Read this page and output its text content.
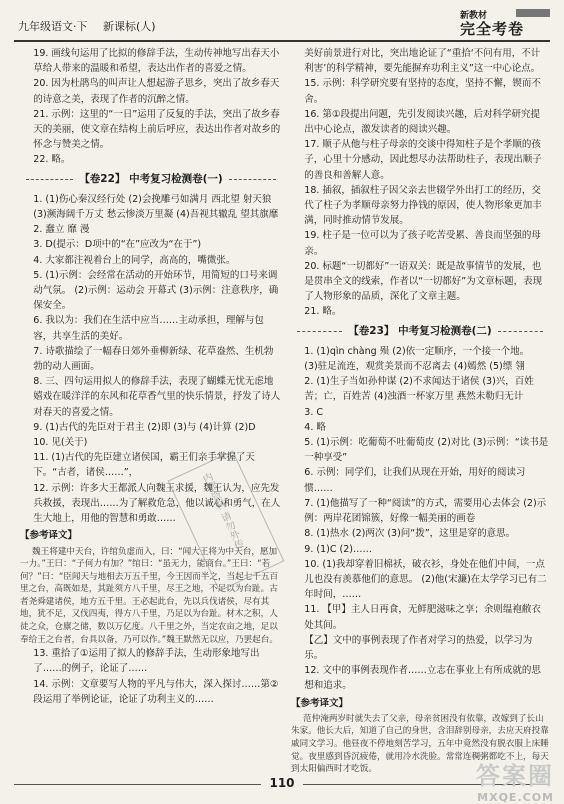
九年级语文·下 新课标(人)
新教材
完全考卷

19. 画线句运用了比拟的修辞手法，生动传神地写出春天小草给人带来的温暖和希望，表达出作者的喜爱之情。

20. 因为杜鹃鸟的叫声让人想起游子思乡，突出了故乡春天的诗意之美，表现了作者的沉醉之情。

21. 示例：这里的“一日”运用了反复的手法，突出了故乡春天的美丽，使文章在结构上前后呼应，表达出作者对故乡的怀念与赞美之情。

22. 略。

【卷22】 中考复习检测卷(一)

1. (1)伤心秦汉经行处 (2)会挽雕弓如满月 西北望 射天狼 (3)濒海阔千万丈 愁云惨淡万里凝 (4)吾视其辙乱 望其旗靡

2. 蠢立 靡 漫

3. D(提示：D项中的“在”应改为“在于”)

4. 大家都注视着台上的同学，高高的，嘴微张。

5. (1)示例：会经常在活动的开始环节，用简短的口号来调动气氛。 (2)示例：运动会 开幕式 (3)示例：注意秩序，确保安全。

6. 我以为：我们在生活中应当……主动承担，理解与包容，共享生活的美好。

7. 诗歌描绘了一幅春日郊外垂柳新绿、花草盎然、生机勃勃的动人画面。

8. 三、四句运用拟人的修辞手法，表现了蝴蝶无忧无虑地嬉戏在暖洋洋的东风和花草香气里的快乐情景，抒发了诗人对春天的喜爱之情。

9. (1)古代的先臣对于君主 (2)即 (3)与 (4)计算 (2)D

10. 见(关于)

11. (1)古代的先臣建立诸侯国，霸王们亲手掌握了天下。“古者，诸侯……”，

12. 示例：许多大王都派人向魏王求援，魏王认为，应先发兵救援，表现出……为了解救危急，他以诚心和勇气，在人生大地上，用他的智慧和勇敢……

【参考译文】

魏王将建中天台，许绾负虚而入，曰：“闻大王将为中天台，愿加一力。”王曰：“子何力有加？”绾曰：“虽无力，能商台。”王曰：“若何？”曰：“臣闻天与地相去万五千里，今王因而半之，当起七千五百里之台，高既如是，其趾须方八千里，尽王之地，不足以为台趾。古者尧舜建诸侯，地方五千里。王必起此台，先以兵伐诸侯，尽有其地，犹不足，又伐四夷，得方八千里，乃足以为台趾。材木之积，人徒之众，仓廪之储，数以万亿度。八千里之外，当定农亩之地，足以奉给王之台者，台具以备，乃可以作。”魏王默然无以应，乃罢起台。

13. 重拾了①运用了拟人的修辞手法，生动形象地写出了……的例子，论证了……

14. 示例：文章要写人物的平凡与伟大，深入探讨……第②段运用了举例论证，论证了功利主义的……

内部资料 请勿外传

美好前景进行对比，突出地论证了“重拾‘不问有用，不计利害’的科学精神，要先能摒弃功利主义”这一中心论点。

15. 示例：科学研究要有坚持的态度，坚持不懈，锲而不舍。

16. 第①段提出问题，先引发阅读兴趣，后对科学研究提出中心论点，激发读者的阅读兴趣。

17. 顺子从他与柱子母亲的交谈中得知柱子是个孝顺的孩子，心里十分感动，因此想尽办法帮助柱子，表现出顺子的善良和善解人意。

18. 插叙，插叙柱子因父亲去世辍学外出打工的经历，交代了柱子为孝顺母亲努力挣钱的原因，使人物形象更加丰满，同时推动情节发展。

19. 柱子是一位可以为了孩子吃苦受累、善良而坚强的母亲。

20. 标题“一切都好”一语双关：既是故事情节的发展，也是贯串全文的线索，作者以“一切都好”为文章标题，表现了人物形象的品质，深化了文章主题。

21. 略。

【卷23】 中考复习检测卷(二)

1. (1)qìn chàng 殒 (2)依一定顺序，一个接一个地。

(3)驻足流连，观赏美景而不忍离去 (4)嫣然 (5)缥 翎

2. (1)生子当如孙仲谋 (2)不求闻达于诸侯 (3)兴，百姓苦；亡，百姓苦 (4)浊酒一杯家万里 燕然未勒归无计

3. C

4. 略

5. (1)示例：吃葡萄不吐葡萄皮 (2)对比 (3)示例：“读书是一种享受”

6. 示例：同学们，让我们从现在开始，用好的阅读习惯……

7. (1)他描写了一种“阅读”的方式，需要用心去体会 (2)示例：两岸花团锦簇，好像一幅美丽的画卷

8. (1)热水 (2)两次 (3)问“拨”，这里是穿的意思。

9. (1)C (2)……

10. (1)我却穿着旧棉袄，破衣衫，身处在他们中间，一点儿也没有羡慕他们的意思。 (2)他(宋濂)在太学学习已有二年时间，……

11. 【甲】主人日再食，无鲜肥滋味之享；余则缊袍敝衣处其间。

【乙】文中的事例表现了作者对学习的热爱，以学习为乐。

12. 文中的事例表现作者……立志在事业上有所成就的思想和追求。

【参考译文】

范仲淹两岁时就失去了父亲，母亲贫困没有依靠，改嫁到了长山朱家。他长大后，知道了自己的身世，含泪辞别母亲，去应天府投靠戚同文学习。他昼夜不停地刻苦学习，五年中竟然没有脱衣服上床睡觉。夜里感到昏沉疲倦，就用冷水洗脸。常常连稠粥都吃不上，每天到太阳偏西时才吃饭。

110	答案圈
MXQE.COM
